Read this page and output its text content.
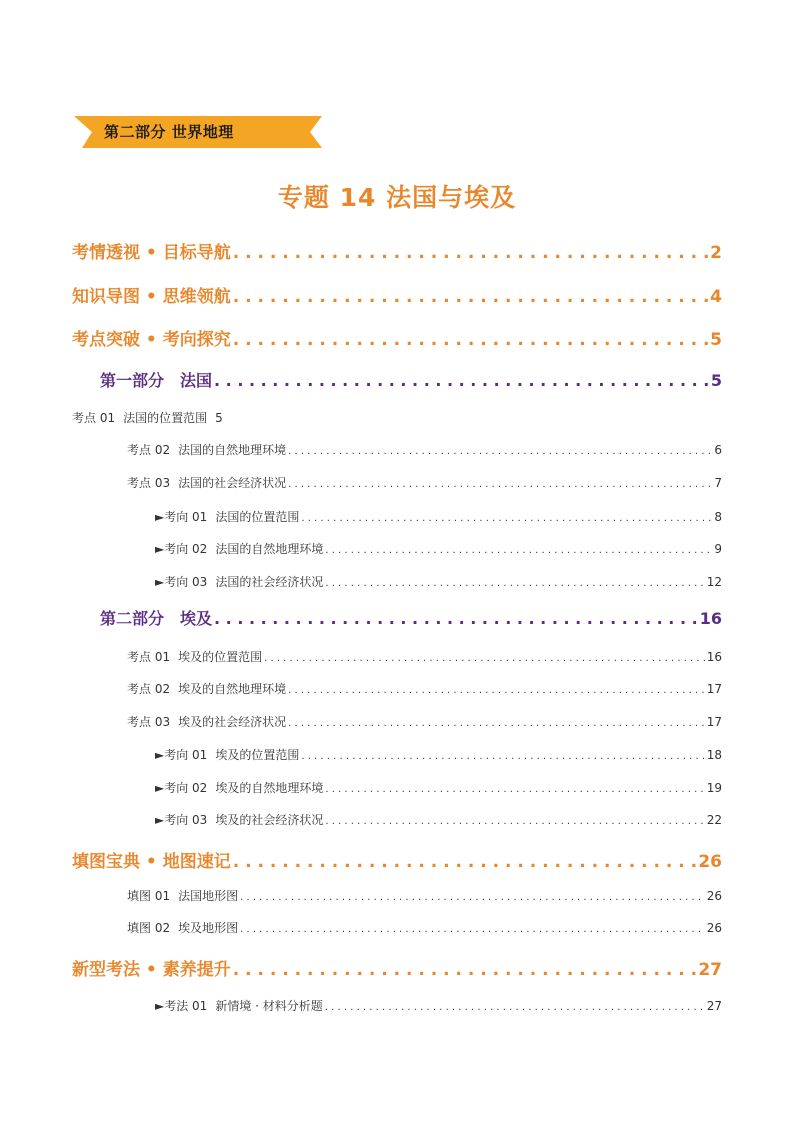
第二部分 世界地理
专题 14 法国与埃及
考情透视 • 目标导航 . . .	2
知识导图 • 思维领航 . . .	4
考点突破 • 考向探究 . . .	5
第一部分　法国 . . .	5
考点 01 法国的位置范围 5
考点 02 法国的自然地理环境 . . .	6
考点 03 法国的社会经济状况 . . .	7
►考向 01 法国的位置范围 . . .	8
►考向 02 法国的自然地理环境 . . .	9
►考向 03 法国的社会经济状况 . . .	12
第二部分　埃及 . . .	16
考点 01 埃及的位置范围 . . .	16
考点 02 埃及的自然地理环境 . . .	17
考点 03 埃及的社会经济状况 . . .	17
►考向 01 埃及的位置范围 . . .	18
►考向 02 埃及的自然地理环境 . . .	19
►考向 03 埃及的社会经济状况 . . .	22
填图宝典 • 地图速记 . . .	26
填图 01 法国地形图 . . .	26
填图 02 埃及地形图 . . .	26
新型考法 • 素养提升 . . .	27
►考法 01 新情境 · 材料分析题 . . .	27
